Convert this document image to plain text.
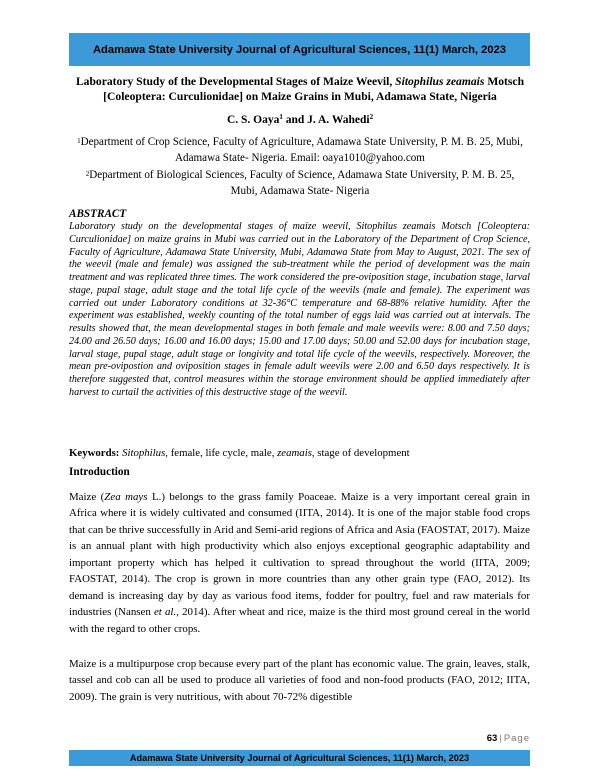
Adamawa State University Journal of Agricultural Sciences, 11(1) March, 2023
Laboratory Study of the Developmental Stages of Maize Weevil, Sitophilus zeamais Motsch [Coleoptera: Curculionidae] on Maize Grains in Mubi, Adamawa State, Nigeria
C. S. Oaya$^1$ and J. A. Wahedi$^2$
$^1$Department of Crop Science, Faculty of Agriculture, Adamawa State University, P. M. B. 25, Mubi, Adamawa State- Nigeria. Email: oaya1010@yahoo.com
$^2$Department of Biological Sciences, Faculty of Science, Adamawa State University, P. M. B. 25, Mubi, Adamawa State- Nigeria
ABSTRACT

Laboratory study on the developmental stages of maize weevil, Sitophilus zeamais Motsch [Coleoptera: Curculionidae] on maize grains in Mubi was carried out in the Laboratory of the Department of Crop Science, Faculty of Agriculture, Adamawa State University, Mubi, Adamawa State from May to August, 2021. The sex of the weevil (male and female) was assigned the sub-treatment while the period of development was the main treatment and was replicated three times. The work considered the pre-oviposition stage, incubation stage, larval stage, pupal stage, adult stage and the total life cycle of the weevils (male and female). The experiment was carried out under Laboratory conditions at 32-36°C temperature and 68-88% relative humidity. After the experiment was established, weekly counting of the total number of eggs laid was carried out at intervals. The results showed that, the mean developmental stages in both female and male weevils were: 8.00 and 7.50 days; 24.00 and 26.50 days; 16.00 and 16.00 days; 15.00 and 17.00 days; 50.00 and 52.00 days for incubation stage, larval stage, pupal stage, adult stage or longivity and total life cycle of the weevils, respectively. Moreover, the mean pre-ovipostion and oviposition stages in female adult weevils were 2.00 and 6.50 days respectively. It is therefore suggested that, control measures within the storage environment should be applied immediately after harvest to curtail the activities of this destructive stage of the weevil.

Keywords: Sitophilus, female, life cycle, male, zeamais, stage of development
Introduction

Maize (Zea mays L.) belongs to the grass family Poaceae. Maize is a very important cereal grain in Africa where it is widely cultivated and consumed (IITA, 2014). It is one of the major stable food crops that can be thrive successfully in Arid and Semi-arid regions of Africa and Asia (FAOSTAT, 2017). Maize is an annual plant with high productivity which also enjoys exceptional geographic adaptability and important property which has helped it cultivation to spread throughout the world (IITA, 2009; FAOSTAT, 2014). The crop is grown in more countries than any other grain type (FAO, 2012). Its demand is increasing day by day as various food items, fodder for poultry, fuel and raw materials for industries (Nansen et al., 2014). After wheat and rice, maize is the third most ground cereal in the world with the regard to other crops.

Maize is a multipurpose crop because every part of the plant has economic value. The grain, leaves, stalk, tassel and cob can all be used to produce all varieties of food and non-food products (FAO, 2012; IITA, 2009). The grain is very nutritious, with about 70-72% digestible

63 | Page
Adamawa State University Journal of Agricultural Sciences, 11(1) March, 2023
